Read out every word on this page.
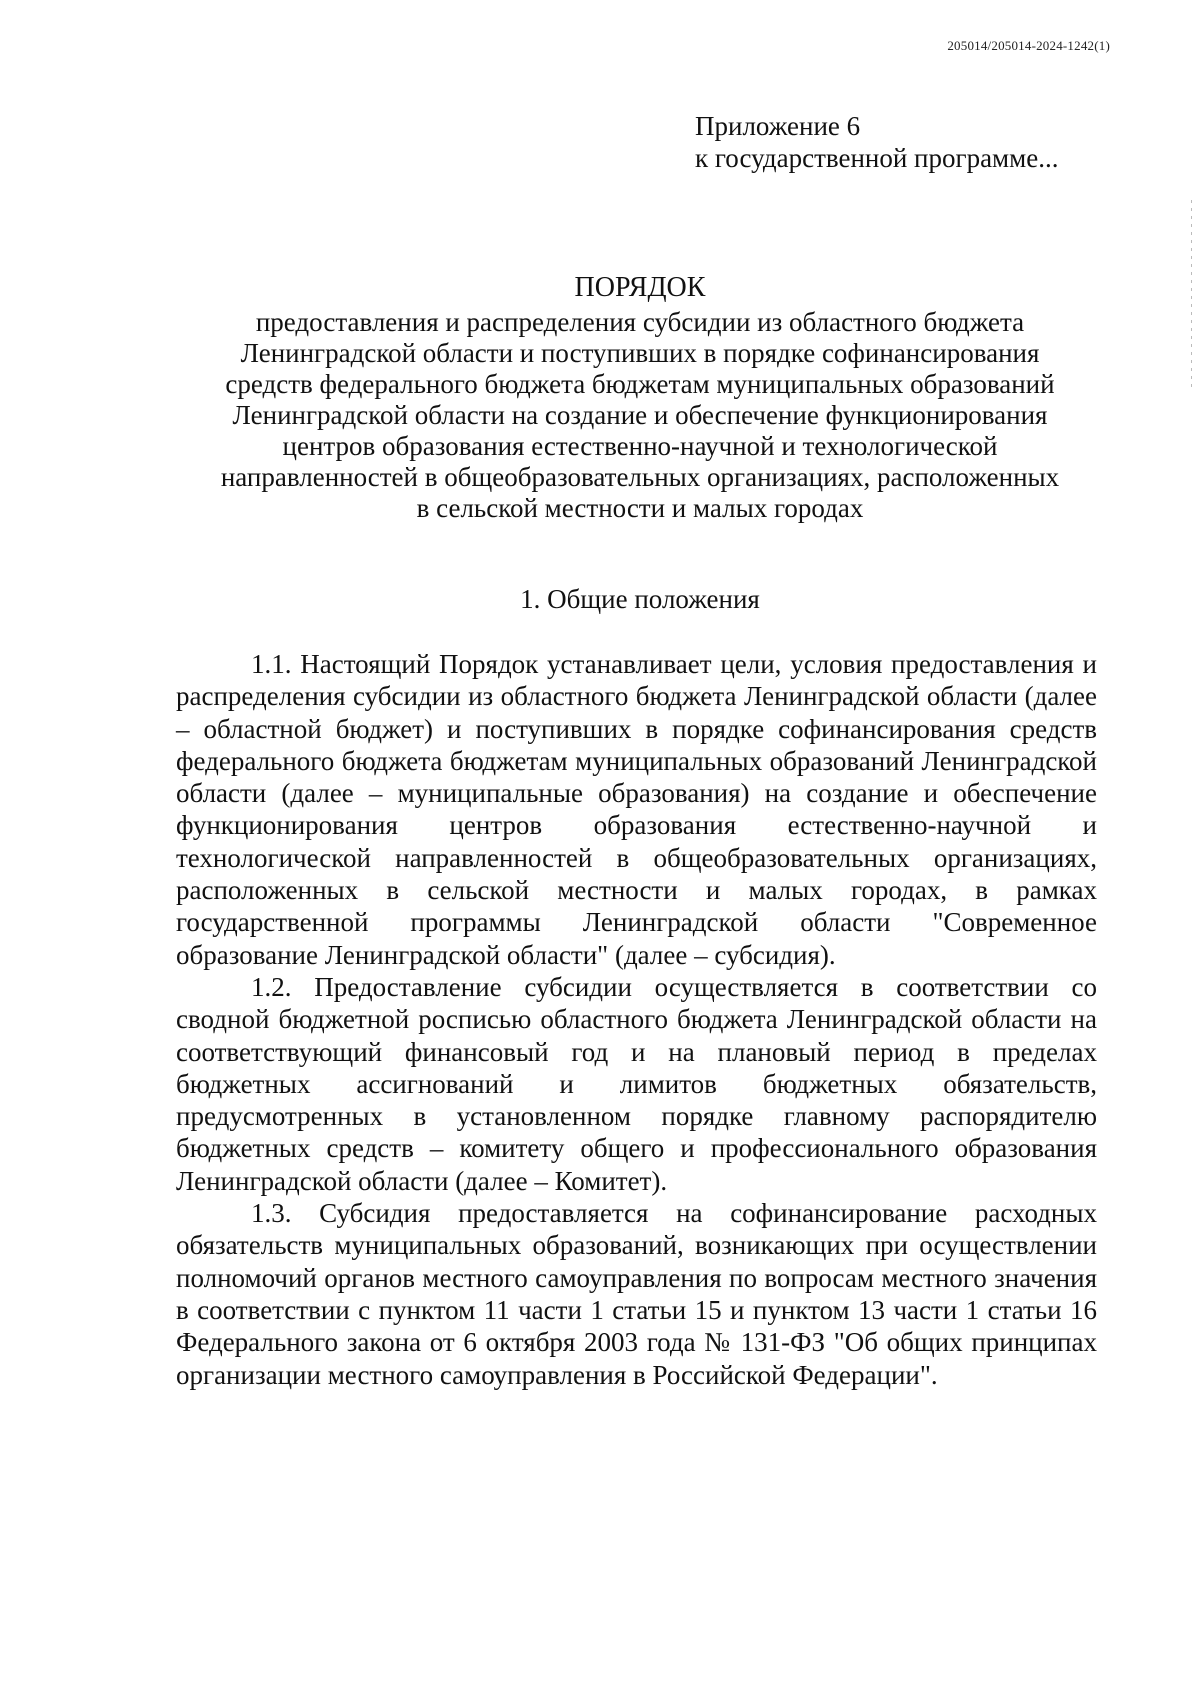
205014/205014-2024-1242(1)
Приложение 6
к государственной программе...
ПОРЯДОК
предоставления и распределения субсидии из областного бюджета
Ленинградской области и поступивших в порядке софинансирования
средств федерального бюджета бюджетам муниципальных образований
Ленинградской области на создание и обеспечение функционирования
центров образования естественно-научной и технологической
направленностей в общеобразовательных организациях, расположенных
в сельской местности и малых городах
1. Общие положения

1.1. Настоящий Порядок устанавливает цели, условия предоставления и распределения субсидии из областного бюджета Ленинградской области (далее – областной бюджет) и поступивших в порядке софинансирования средств федерального бюджета бюджетам муниципальных образований Ленинградской области (далее – муниципальные образования) на создание и обеспечение функционирования центров образования естественно-научной и технологической направленностей в общеобразовательных организациях, расположенных в сельской местности и малых городах, в рамках государственной программы Ленинградской области "Современное образование Ленинградской области" (далее – субсидия).

1.2. Предоставление субсидии осуществляется в соответствии со сводной бюджетной росписью областного бюджета Ленинградской области на соответствующий финансовый год и на плановый период в пределах бюджетных ассигнований и лимитов бюджетных обязательств, предусмотренных в установленном порядке главному распорядителю бюджетных средств – комитету общего и профессионального образования Ленинградской области (далее – Комитет).

1.3. Субсидия предоставляется на софинансирование расходных обязательств муниципальных образований, возникающих при осуществлении полномочий органов местного самоуправления по вопросам местного значения в соответствии с пунктом 11 части 1 статьи 15 и пунктом 13 части 1 статьи 16 Федерального закона от 6 октября 2003 года № 131-ФЗ "Об общих принципах организации местного самоуправления в Российской Федерации".
